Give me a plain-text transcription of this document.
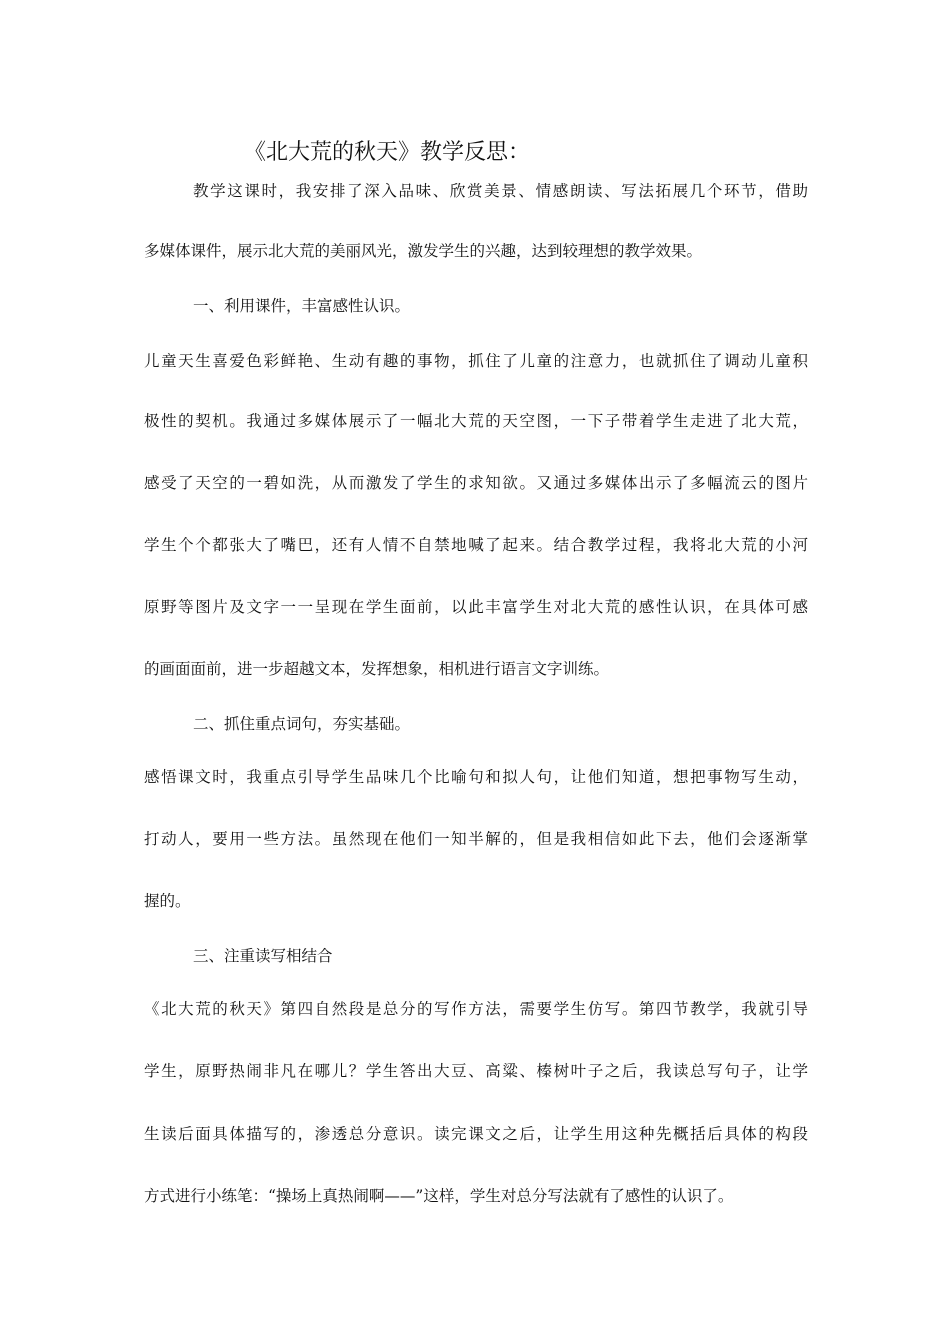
《北大荒的秋天》教学反思：

教学这课时，我安排了深入品味、欣赏美景、情感朗读、写法拓展几个环节，借助

多媒体课件，展示北大荒的美丽风光，激发学生的兴趣，达到较理想的教学效果。

一、利用课件，丰富感性认识。

儿童天生喜爱色彩鲜艳、生动有趣的事物，抓住了儿童的注意力，也就抓住了调动儿童积

极性的契机。我通过多媒体展示了一幅北大荒的天空图，一下子带着学生走进了北大荒，

感受了天空的一碧如洗，从而激发了学生的求知欲。又通过多媒体出示了多幅流云的图片

学生个个都张大了嘴巴，还有人情不自禁地喊了起来。结合教学过程，我将北大荒的小河

原野等图片及文字一一呈现在学生面前，以此丰富学生对北大荒的感性认识，在具体可感

的画面面前，进一步超越文本，发挥想象，相机进行语言文字训练。

二、抓住重点词句，夯实基础。

感悟课文时，我重点引导学生品味几个比喻句和拟人句，让他们知道，想把事物写生动，

打动人，要用一些方法。虽然现在他们一知半解的，但是我相信如此下去，他们会逐渐掌

握的。

三、注重读写相结合

《北大荒的秋天》第四自然段是总分的写作方法，需要学生仿写。第四节教学，我就引导

学生，原野热闹非凡在哪儿？学生答出大豆、高粱、榛树叶子之后，我读总写句子，让学

生读后面具体描写的，渗透总分意识。读完课文之后，让学生用这种先概括后具体的构段

方式进行小练笔：“操场上真热闹啊——”这样，学生对总分写法就有了感性的认识了。
